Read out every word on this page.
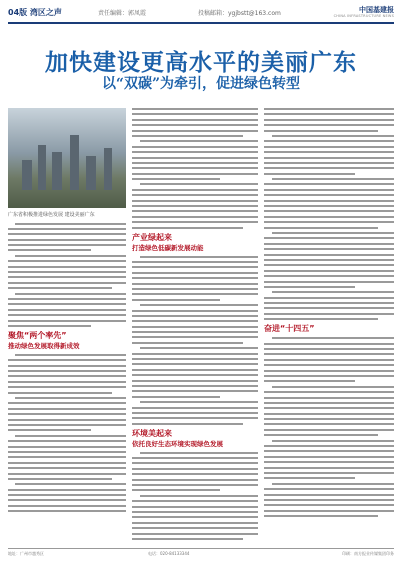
04版 湾区之声	责任编辑：郭凤霞	投稿邮箱：ygjbstt@163.com	中国基建报
CHINA INFRASTRUCTURE NEWS
加快建设更高水平的美丽广东
以“双碳”为牵引，促进绿色转型
广东省积极推进绿色发展 建设美丽广东
聚焦“两个率先”
推动绿色发展取得新成效
产业绿起来
打造绿色低碳新发展动能
环境美起来
依托良好生态环境实现绿色发展
奋进“十四五”
地址：广州市越秀区	电话：020-84133344	印刷：南方报业传媒集团印务
